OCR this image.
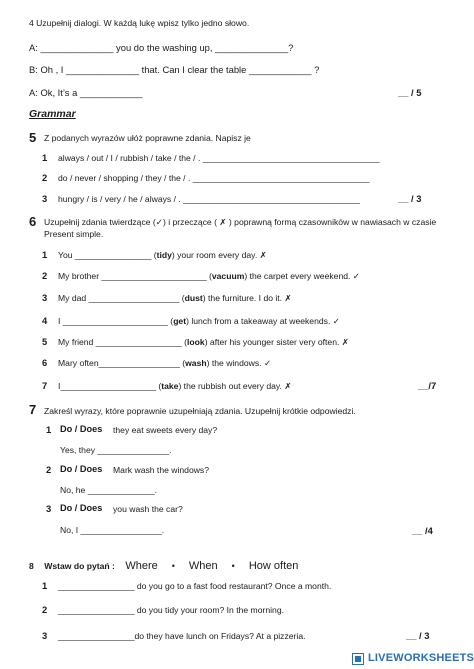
4 Uzupełnij dialogi. W każdą lukę wpisz tylko jedno słowo.
A: ______________ you do the washing up, ______________?
B: Oh , I ______________ that. Can I clear the table ____________ ?
A: Ok, It’s a ____________	__ / 5
Grammar
5 Z podanych wyrazów ułóż poprawne zdania. Napisz je
1 always / out / I / rubbish / take / the / . _____________________________________
2 do / never / shopping / they / the / . _____________________________________
3 hungry / is / very / he / always / . _____________________________________	__ / 3
6 Uzupełnij zdania twierdzące (✓) i przeczące ( ✗ ) poprawną formą czasowników w nawiasach w czasie
Present simple.
1 You ________________ (tidy) your room every day. ✗
2 My brother ______________________ (vacuum) the carpet every weekend. ✓
3 My dad ___________________ (dust) the furniture. I do it. ✗
4 I ______________________ (get) lunch from a takeaway at weekends. ✓
5 My friend __________________ (look) after his younger sister very often. ✗
6 Mary often_________________ (wash) the windows. ✓
7 I____________________ (take) the rubbish out every day. ✗	__/7
7 Zakreśl wyrazy, które poprawnie uzupełniają zdania. Uzupełnij krótkie odpowiedzi.
1 Do / Does they eat sweets every day?
Yes, they _______________.
2 Do / Does Mark wash the windows?
No, he ______________.
3 Do / Does you wash the car?
No, I _________________.	__ /4
8 Wstaw do pytań : Where • When • How often
1 ________________ do you go to a fast food restaurant? Once a month.
2 ________________ do you tidy your room? In the morning.
3 ________________do they have lunch on Fridays? At a pizzeria.	__ / 3
LIVEWORKSHEETS
